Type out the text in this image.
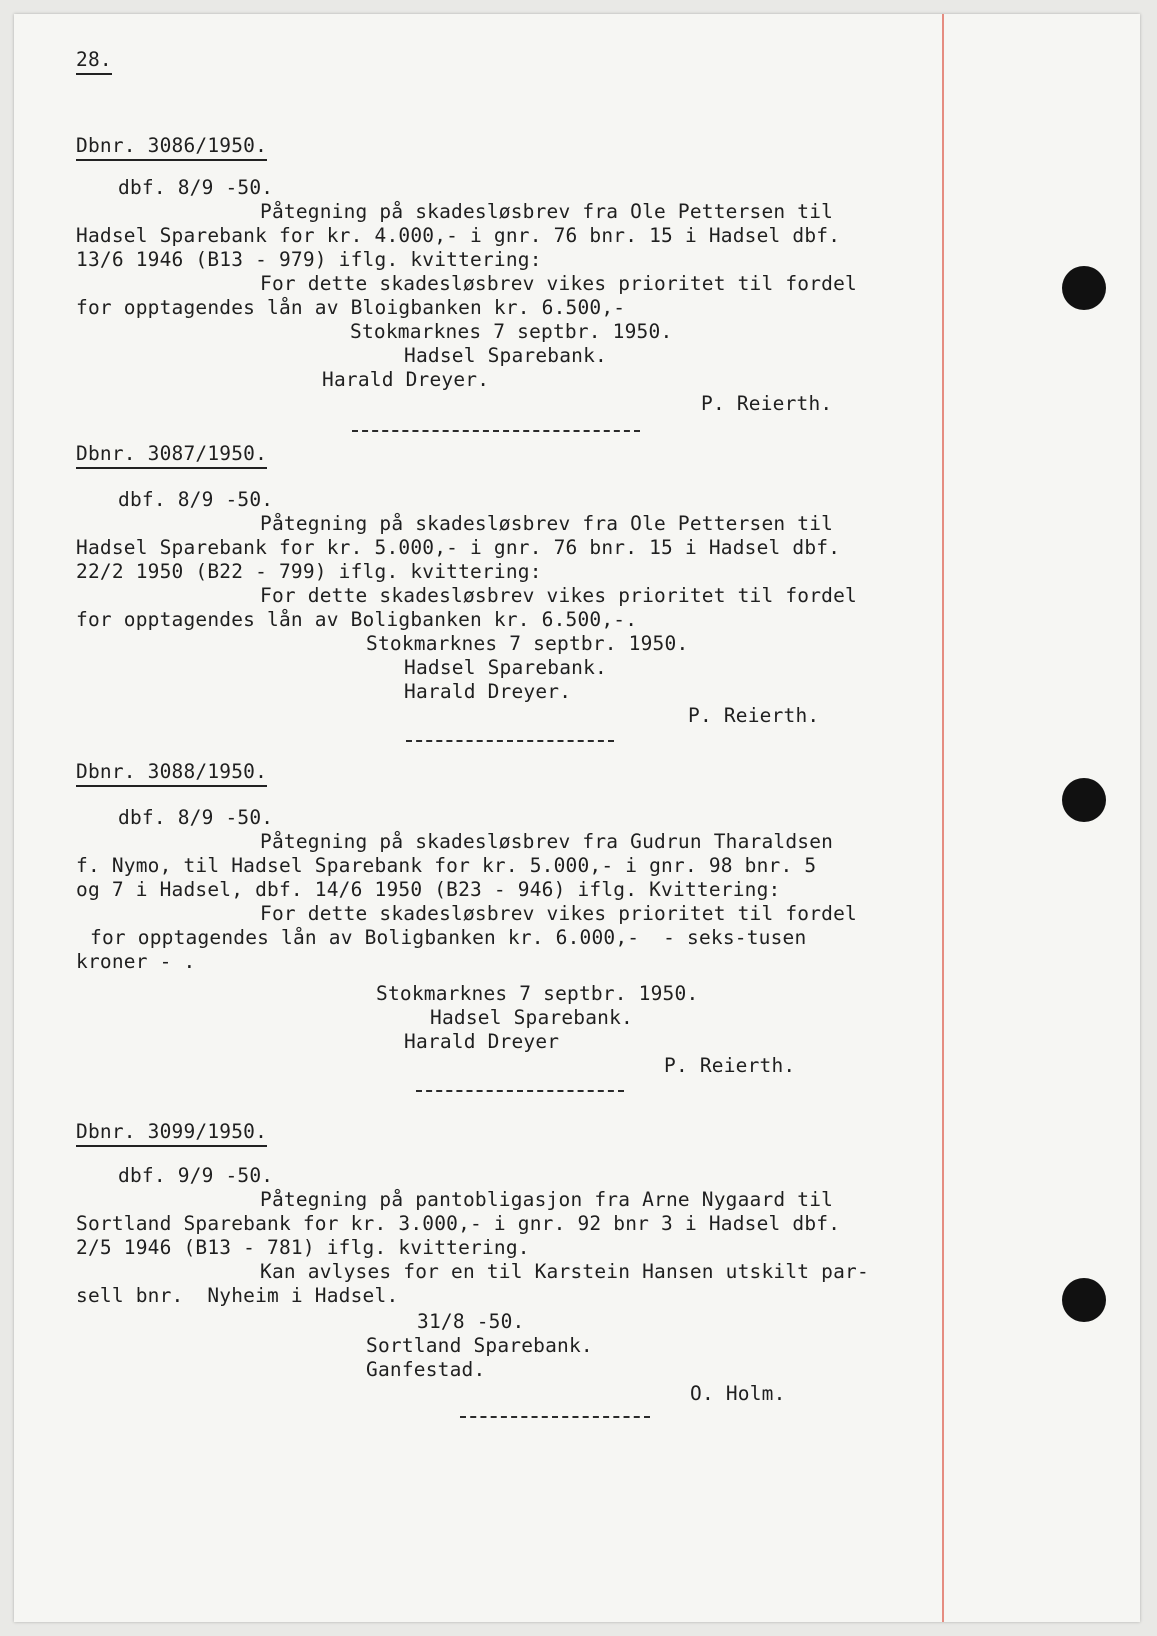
28.
Dbnr. 3086/1950.
dbf. 8/9 -50.
Påtegning på skadesløsbrev fra Ole Pettersen til
Hadsel Sparebank for kr. 4.000,- i gnr. 76 bnr. 15 i Hadsel dbf.
13/6 1946 (B13 - 979) iflg. kvittering:
For dette skadesløsbrev vikes prioritet til fordel
for opptagendes lån av Bloigbanken kr. 6.500,-
Stokmarknes 7 septbr. 1950.
Hadsel Sparebank.
Harald Dreyer.
P. Reierth.
Dbnr. 3087/1950.
dbf. 8/9 -50.
Påtegning på skadesløsbrev fra Ole Pettersen til
Hadsel Sparebank for kr. 5.000,- i gnr. 76 bnr. 15 i Hadsel dbf.
22/2 1950 (B22 - 799) iflg. kvittering:
For dette skadesløsbrev vikes prioritet til fordel
for opptagendes lån av Boligbanken kr. 6.500,-.
Stokmarknes 7 septbr. 1950.
Hadsel Sparebank.
Harald Dreyer.
P. Reierth.
Dbnr. 3088/1950.
dbf. 8/9 -50.
Påtegning på skadesløsbrev fra Gudrun Tharaldsen
f. Nymo, til Hadsel Sparebank for kr. 5.000,- i gnr. 98 bnr. 5
og 7 i Hadsel, dbf. 14/6 1950 (B23 - 946) iflg. Kvittering:
For dette skadesløsbrev vikes prioritet til fordel
for opptagendes lån av Boligbanken kr. 6.000,-  - seks-tusen
kroner - .
Stokmarknes 7 septbr. 1950.
Hadsel Sparebank.
Harald Dreyer
P. Reierth.
Dbnr. 3099/1950.
dbf. 9/9 -50.
Påtegning på pantobligasjon fra Arne Nygaard til
Sortland Sparebank for kr. 3.000,- i gnr. 92 bnr 3 i Hadsel dbf.
2/5 1946 (B13 - 781) iflg. kvittering.
Kan avlyses for en til Karstein Hansen utskilt par-
sell bnr.  Nyheim i Hadsel.
31/8 -50.
Sortland Sparebank.
Ganfestad.
O. Holm.
